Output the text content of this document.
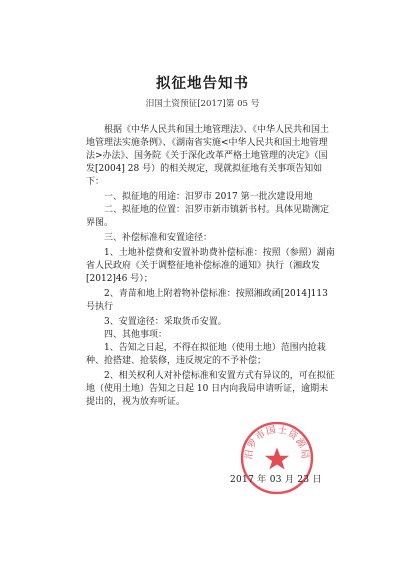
拟征地告知书
汨国土资预征[2017]第 05 号

根据《中华人民共和国土地管理法》、《中华人民共和国土地管理法实施条例》、《湖南省实施<中华人民共和国土地管理法>办法》、国务院《关于深化改革严格土地管理的决定》（国发[2004] 28 号）的相关规定，现就拟征地有关事项告知如下：

一、拟征地的用途：汨罗市 2017 第一批次建设用地

二、拟征地的位置：汨罗市新市镇新书村。具体见勘测定界图。

三、补偿标准和安置途径：

1、土地补偿费和安置补助费补偿标准：按照（参照）湖南省人民政府《关于调整征地补偿标准的通知》执行（湘政发[2012]46 号）；

2、青苗和地上附着物补偿标准：按照湘政函[2014]113 号执行

3、安置途径：采取货币安置。

四、其他事项：

1、告知之日起，不得在拟征地（使用土地）范围内抢栽种、抢搭建、抢装修，违反规定的不予补偿；

2、相关权利人对补偿标准和安置方式有异议的，可在拟征地（使用土地）告知之日起 10 日内向我局申请听证，逾期未提出的，视为放弃听证。

汨罗市国土资源局
2017 年 03 月 23 日
